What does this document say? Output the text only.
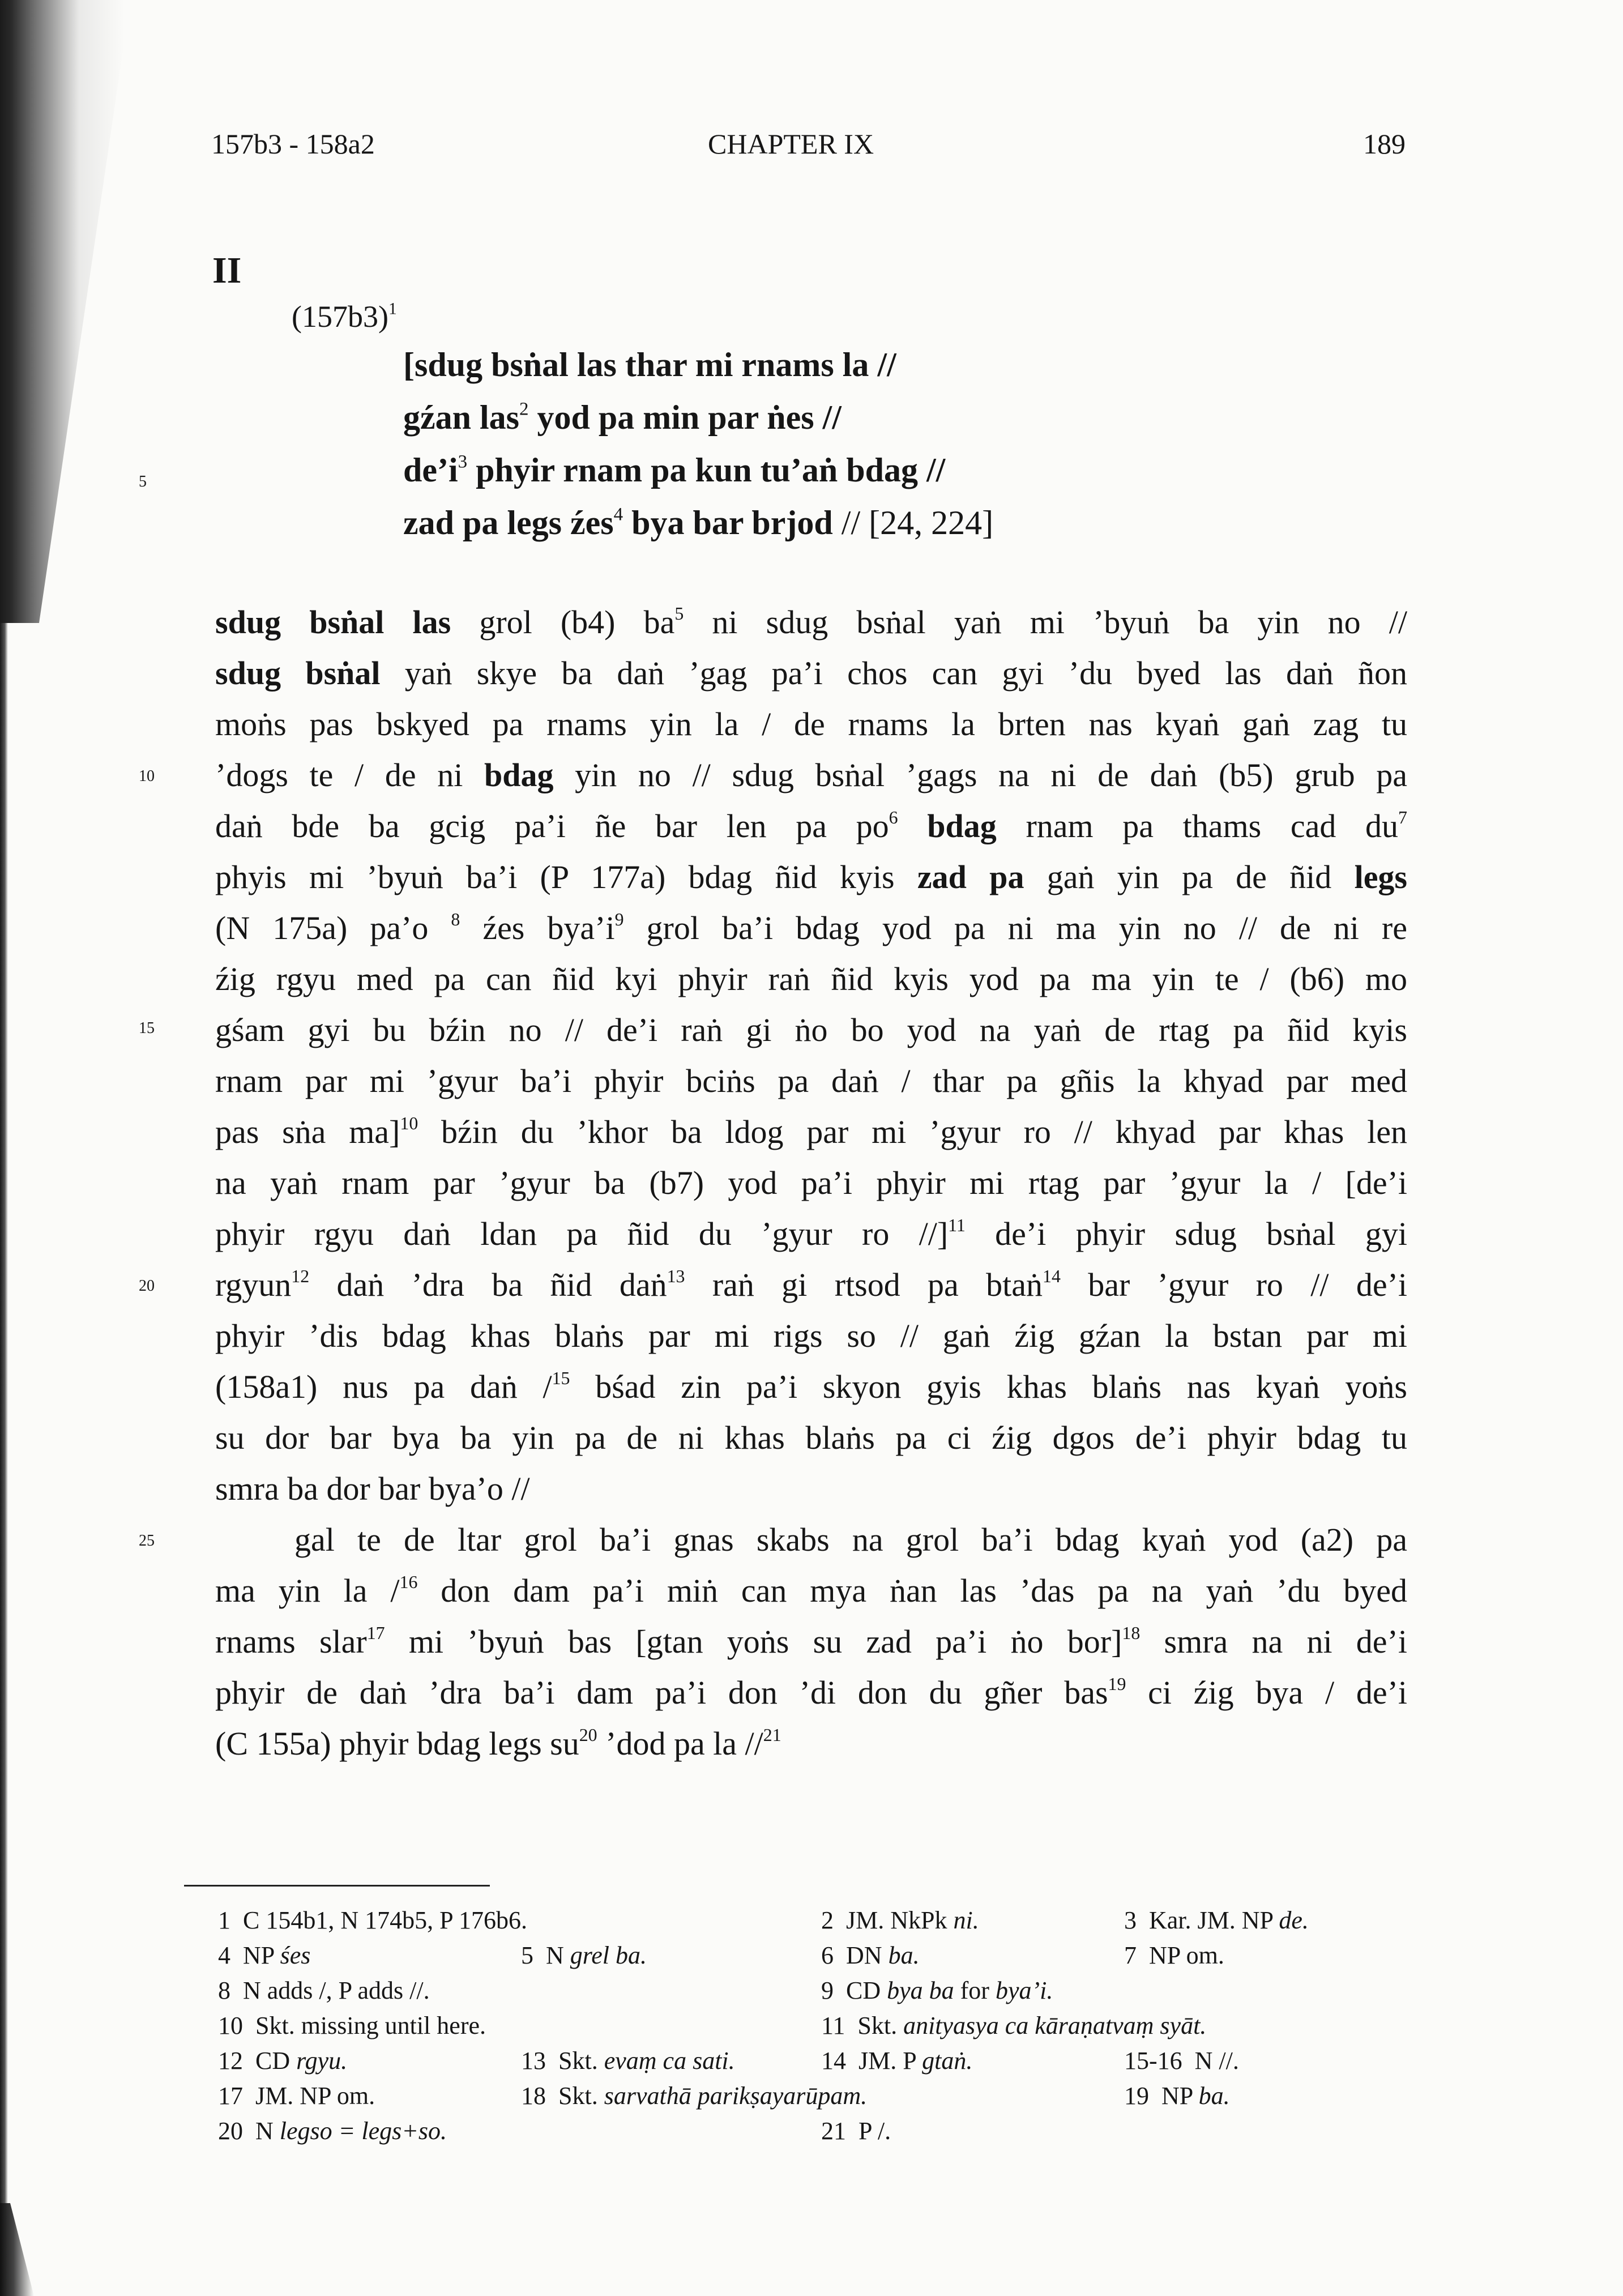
157b3 - 158a2	CHAPTER IX	189
II
$(157b3)^1$
[sdug bsṅal las thar mi rnams la //
gźan las$^2$ yod pa min par ṅes //
$de’i^3$ phyir rnam pa kun tu’aṅ bdag //
zad pa legs źes$^4$ bya bar brjod // [24, 224]
5
10
15
20
25
sdug bsṅal las grol (b4) $ba^5$ ni sdug bsṅal yaṅ mi ’byuṅ ba yin no //
sdug bsṅal yaṅ skye ba daṅ ’gag pa’i chos can gyi ’du byed las daṅ ñon
moṅs pas bskyed pa rnams yin la / de rnams la brten nas kyaṅ gaṅ zag tu
’dogs te / de ni bdag yin no // sdug bsṅal ’gags na ni de daṅ (b5) grub pa
daṅ bde ba gcig pa’i ñe bar len pa $po^6$ bdag rnam pa thams cad $du^7$
phyis mi ’byuṅ ba’i (P 177a) bdag ñid kyis zad pa gaṅ yin pa de ñid legs
(N 175a) pa’o $^8$ źes $bya’i^9$ grol ba’i bdag yod pa ni ma yin no // de ni re
źig rgyu med pa can ñid kyi phyir raṅ ñid kyis yod pa ma yin te / (b6) mo
gśam gyi bu bźin no // de’i raṅ gi ṅo bo yod na yaṅ de rtag pa ñid kyis
rnam par mi ’gyur ba’i phyir bciṅs pa daṅ / thar pa gñis la khyad par med
pas sṅa ma]$^{10}$ bźin du ’khor ba ldog par mi ’gyur ro // khyad par khas len
na yaṅ rnam par ’gyur ba (b7) yod pa’i phyir mi rtag par ’gyur la / [de’i
phyir rgyu daṅ ldan pa ñid du ’gyur ro //]$^{11}$ de’i phyir sdug bsṅal gyi
rgyun$^{12}$ daṅ ’dra ba ñid daṅ$^{13}$ raṅ gi rtsod pa btaṅ$^{14}$ bar ’gyur ro // de’i
phyir ’dis bdag khas blaṅs par mi rigs so // gaṅ źig gźan la bstan par mi
(158a1) nus pa daṅ /$^{15}$ bśad zin pa’i skyon gyis khas blaṅs nas kyaṅ yoṅs
su dor bar bya ba yin pa de ni khas blaṅs pa ci źig dgos de’i phyir bdag tu
smra ba dor bar bya’o //
gal te de ltar grol ba’i gnas skabs na grol ba’i bdag kyaṅ yod (a2) pa
ma yin la /$^{16}$ don dam pa’i miṅ can mya ṅan las ’das pa na yaṅ ’du byed
rnams slar$^{17}$ mi ’byuṅ bas [gtan yoṅs su zad pa’i ṅo bor]$^{18}$ smra na ni de’i
phyir de daṅ ’dra ba’i dam pa’i don ’di don du gñer bas$^{19}$ ci źig bya / de’i
(C 155a) phyir bdag legs $su^{20}$ ’dod pa la //$^{21}$
1 C 154b1, N 174b5, P 176b6.	2 JM. NkPk ni.	3 Kar. JM. NP de.
4 NP śes	5 N grel ba.	6 DN ba.	7 NP om.
8 N adds /, P adds //.	9 CD bya ba for bya’i.
10 Skt. missing until here.	11 Skt. anityasya ca kāraṇatvaṃ syāt.
12 CD rgyu.	13 Skt. evaṃ ca sati.	14 JM. P gtaṅ.	15-16 N //.
17 JM. NP om.	18 Skt. sarvathā parikṣayarūpam.	19 NP ba.
20 N legso = legs+so.	21 P /.
